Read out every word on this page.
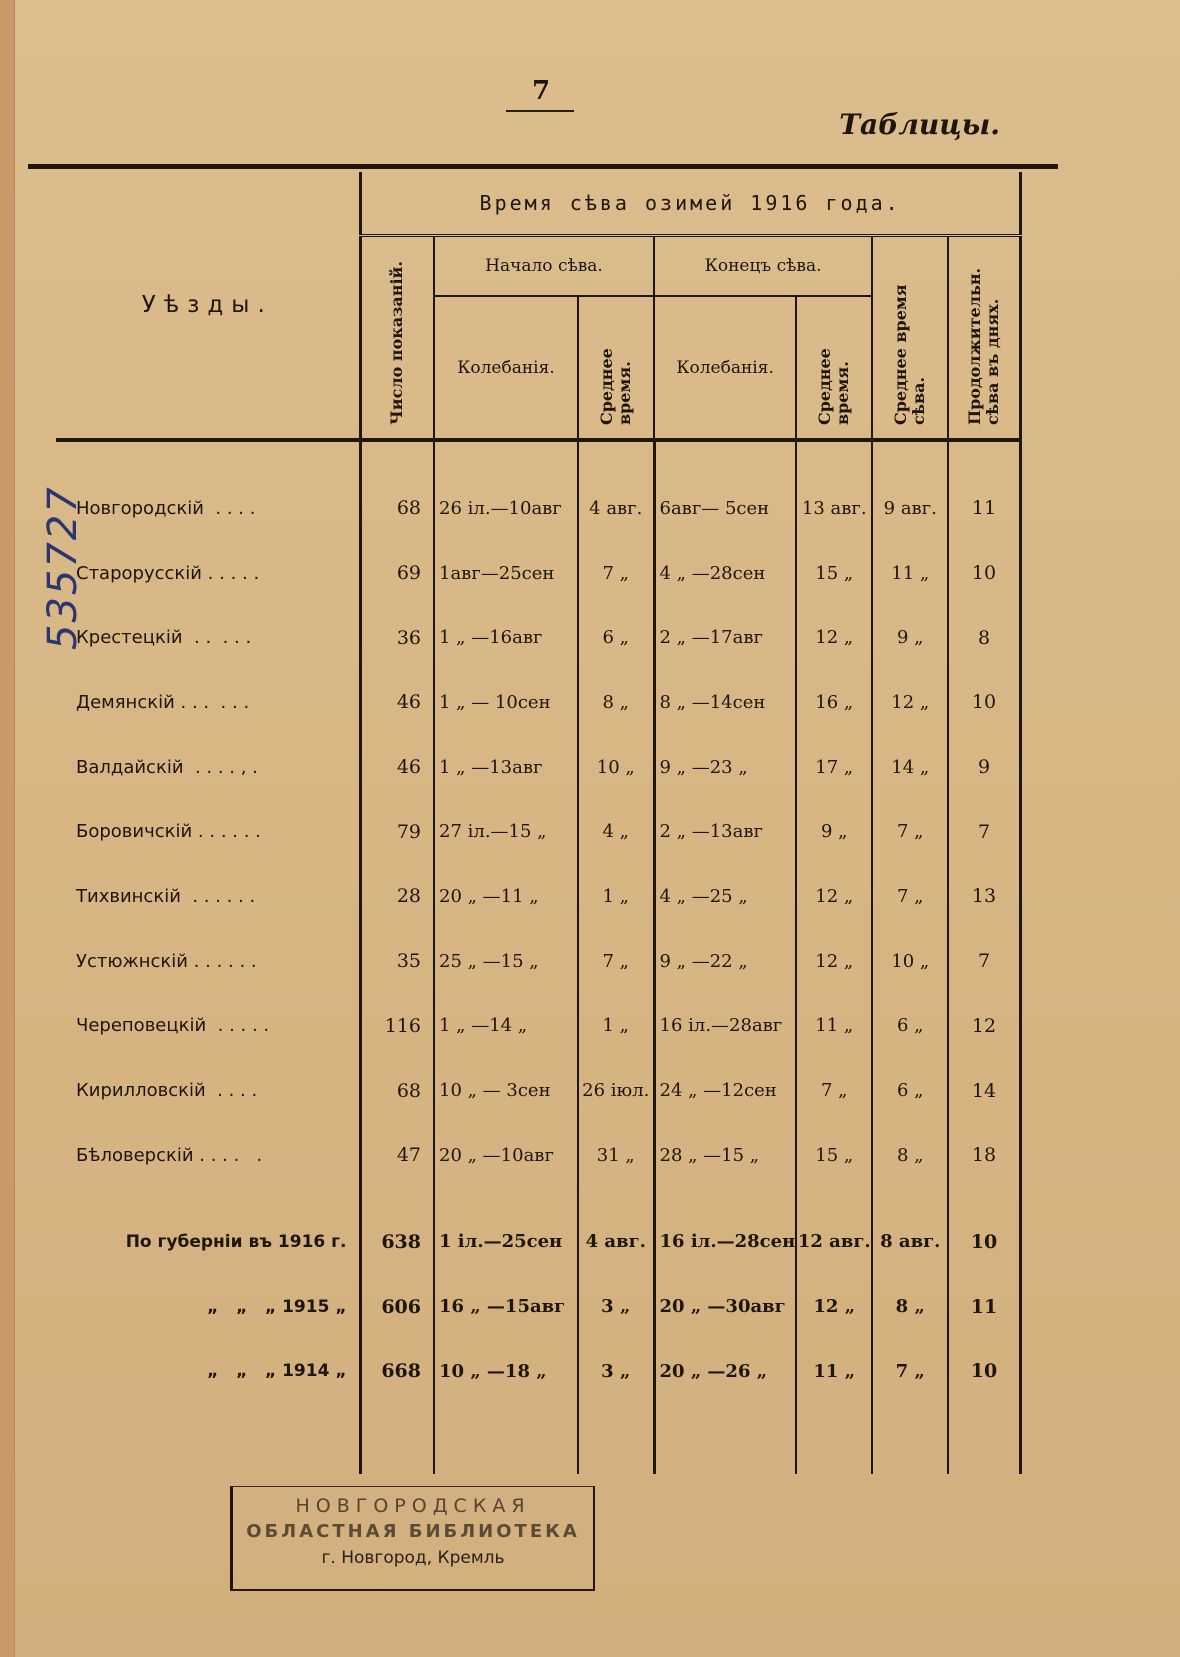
7
Таблицы.
535727
Уѣзды.	Время сѣва озимей 1916 года.						
	Число показаній.	Начало сѣва.		Конецъ сѣва.		Среднее время сѣва.	Продолжительн. сѣва въ днях.
		Колебанія.	Среднее время.	Колебанія.	Среднее время.		

Новгородскій  . . . .	68	26 іл.—10авг	4 авг.	6авг— 5сен	13 авг.	9 авг.	11
Старорусскій . . . . .	69	1авг—25сен	7 „	4 „ —28сен	15 „	11 „	10
Крестецкій  . .  . . .	36	1 „ —16авг	6 „	2 „ —17авг	12 „	9 „	8
Демянскій . . .  . . .	46	1 „ — 10сен	8 „	8 „ —14сен	16 „	12 „	10
Валдайскій  . . . . , .	46	1 „ —13авг	10 „	9 „ —23 „	17 „	14 „	9
Боровичскій . . . . . .	79	27 іл.—15 „	4 „	2 „ —13авг	9 „	7 „	7
Тихвинскій  . . . . . .	28	20 „ —11 „	1 „	4 „ —25 „	12 „	7 „	13
Устюжнскій . . . . . .	35	25 „ —15 „	7 „	9 „ —22 „	12 „	10 „	7
Череповецкій  . . . . .	116	1 „ —14 „	1 „	16 іл.—28авг	11 „	6 „	12
Кирилловскій  . . . .	68	10 „ — 3сен	26 іюл.	24 „ —12сен	7 „	6 „	14
Бѣловерскій . . . .   .	47	20 „ —10авг	31 „	28 „ —15 „	15 „	8 „	18

По губерніи въ 1916 г.	638	1 іл.—25сен	4 авг.	16 іл.—28сен	12 авг.	8 авг.	10
„   „   „ 1915 „	606	16 „ —15авг	3 „	20 „ —30авг	12 „	8 „	11
„   „   „ 1914 „	668	10 „ —18 „	3 „	20 „ —26 „	11 „	7 „	10

НОВГОРОДСКАЯ
ОБЛАСТНАЯ БИБЛИОТЕКА
г. Новгород, Кремль
